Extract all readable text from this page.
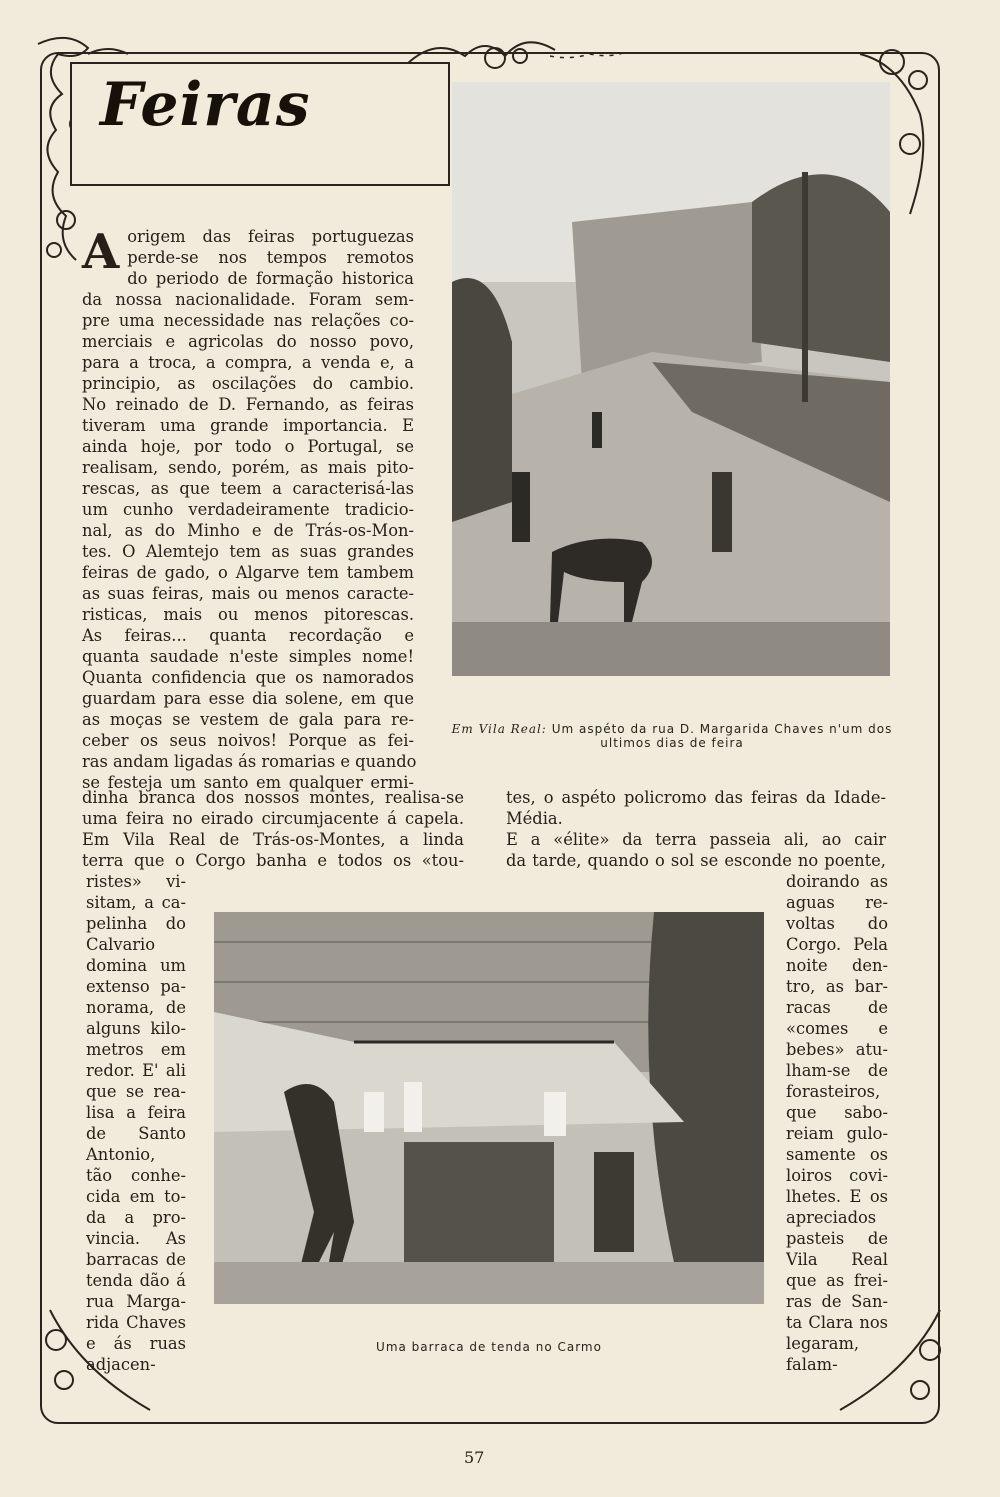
Feiras
Em Vila Real: Um aspéto da rua D. Margarida Chaves n'um dos
ultimos dias de feira
A origem das feiras portuguezas
perde-se nos tempos remotos
do periodo de formação historica
da nossa nacionalidade. Foram sem-
pre uma necessidade nas relações co-
merciais e agricolas do nosso povo,
para a troca, a compra, a venda e, a
principio, as oscilações do cambio.
No reinado de D. Fernando, as feiras
tiveram uma grande importancia. E
ainda hoje, por todo o Portugal, se
realisam, sendo, porém, as mais pito-
rescas, as que teem a caracterisá-las
um cunho verdadeiramente tradicio-
nal, as do Minho e de Trás-os-Mon-
tes. O Alemtejo tem as suas grandes
feiras de gado, o Algarve tem tambem
as suas feiras, mais ou menos caracte-
risticas, mais ou menos pitorescas.
As feiras... quanta recordação e
quanta saudade n'este simples nome!
Quanta confidencia que os namorados
guardam para esse dia solene, em que
as moças se vestem de gala para re-
ceber os seus noivos! Porque as fei-
ras andam ligadas ás romarias e quando
se festeja um santo em qualquer ermi-
dinha branca dos nossos montes, realisa-se
uma feira no eirado circumjacente á capela.
Em Vila Real de Trás-os-Montes, a linda
terra que o Corgo banha e todos os «tou-
ristes» vi-
sitam, a ca-
pelinha do
Calvario
domina um
extenso pa-
norama, de
alguns kilo-
metros em
redor. E' ali
que se rea-
lisa a feira
de Santo
Antonio,
tão conhe-
cida em to-
da a pro-
vincia. As
barracas de
tenda dão á
rua Marga-
rida Chaves
e ás ruas
adjacen-
tes, o aspéto policromo das feiras da Idade-
Média.
E a «élite» da terra passeia ali, ao cair
da tarde, quando o sol se esconde no poente,
doirando as
aguas re-
voltas do
Corgo. Pela
noite den-
tro, as bar-
racas de
«comes e
bebes» atu-
lham-se de
forasteiros,
que sabo-
reiam gulo-
samente os
loiros covi-
lhetes. E os
apreciados
pasteis de
Vila Real
que as frei-
ras de San-
ta Clara nos
legaram,
falam-
Uma barraca de tenda no Carmo
57
